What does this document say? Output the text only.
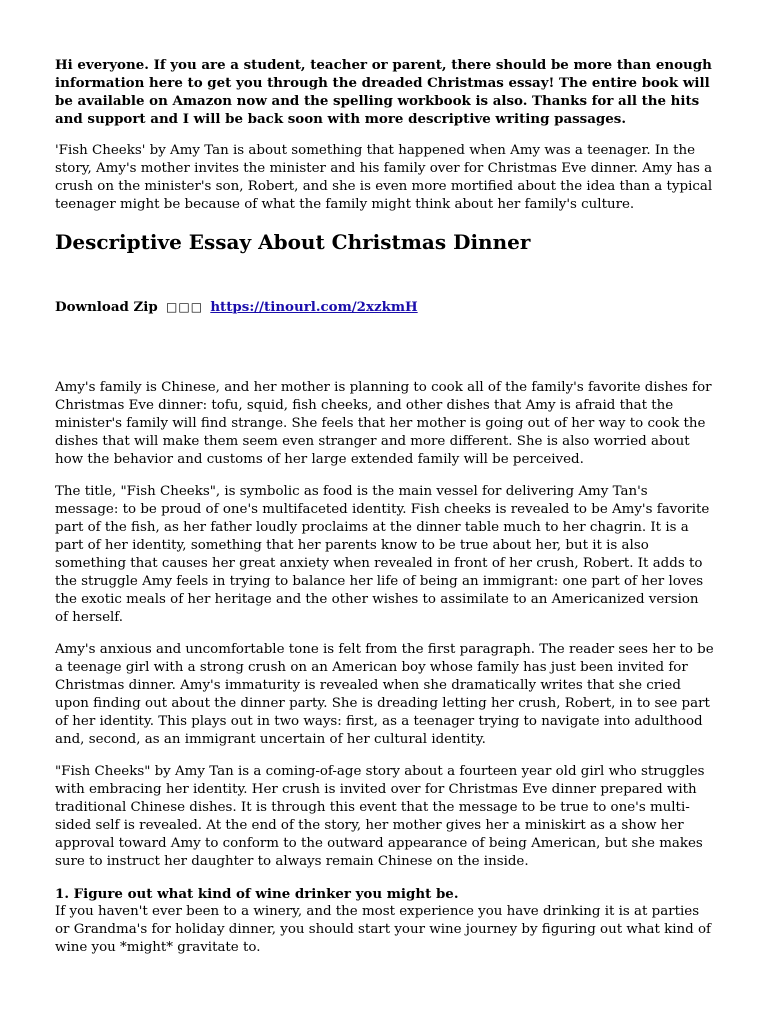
Hi everyone. If you are a student, teacher or parent, there should be more than enough information here to get you through the dreaded Christmas essay! The entire book will be available on Amazon now and the spelling workbook is also. Thanks for all the hits and support and I will be back soon with more descriptive writing passages.

'Fish Cheeks' by Amy Tan is about something that happened when Amy was a teenager. In the story, Amy's mother invites the minister and his family over for Christmas Eve dinner. Amy has a crush on the minister's son, Robert, and she is even more mortified about the idea than a typical teenager might be because of what the family might think about her family's culture.

Descriptive Essay About Christmas Dinner
Download Zip □□□ https://tinourl.com/2xzkmH

Amy's family is Chinese, and her mother is planning to cook all of the family's favorite dishes for Christmas Eve dinner: tofu, squid, fish cheeks, and other dishes that Amy is afraid that the minister's family will find strange. She feels that her mother is going out of her way to cook the dishes that will make them seem even stranger and more different. She is also worried about how the behavior and customs of her large extended family will be perceived.

The title, "Fish Cheeks", is symbolic as food is the main vessel for delivering Amy Tan's message: to be proud of one's multifaceted identity. Fish cheeks is revealed to be Amy's favorite part of the fish, as her father loudly proclaims at the dinner table much to her chagrin. It is a part of her identity, something that her parents know to be true about her, but it is also something that causes her great anxiety when revealed in front of her crush, Robert. It adds to the struggle Amy feels in trying to balance her life of being an immigrant: one part of her loves the exotic meals of her heritage and the other wishes to assimilate to an Americanized version of herself.

Amy's anxious and uncomfortable tone is felt from the first paragraph. The reader sees her to be a teenage girl with a strong crush on an American boy whose family has just been invited for Christmas dinner. Amy's immaturity is revealed when she dramatically writes that she cried upon finding out about the dinner party. She is dreading letting her crush, Robert, in to see part of her identity. This plays out in two ways: first, as a teenager trying to navigate into adulthood and, second, as an immigrant uncertain of her cultural identity.

"Fish Cheeks" by Amy Tan is a coming-of-age story about a fourteen year old girl who struggles with embracing her identity. Her crush is invited over for Christmas Eve dinner prepared with traditional Chinese dishes. It is through this event that the message to be true to one's multi-sided self is revealed. At the end of the story, her mother gives her a miniskirt as a show her approval toward Amy to conform to the outward appearance of being American, but she makes sure to instruct her daughter to always remain Chinese on the inside.

1. Figure out what kind of wine drinker you might be.

If you haven't ever been to a winery, and the most experience you have drinking it is at parties or Grandma's for holiday dinner, you should start your wine journey by figuring out what kind of wine you *might* gravitate to.
